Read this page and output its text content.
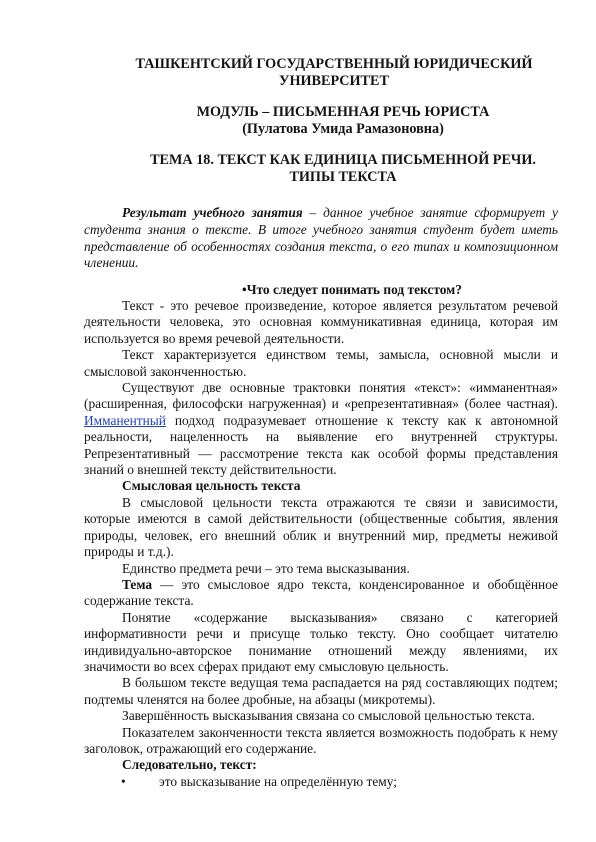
ТАШКЕНТСКИЙ ГОСУДАРСТВЕННЫЙ ЮРИДИЧЕСКИЙ
УНИВЕРСИТЕТ
МОДУЛЬ – ПИСЬМЕННАЯ РЕЧЬ ЮРИСТА
(Пулатова Умида Рамазоновна)
ТЕМА 18. ТЕКСТ КАК ЕДИНИЦА ПИСЬМЕННОЙ РЕЧИ.
ТИПЫ ТЕКСТА

Результат учебного занятия – данное учебное занятие сформирует у студента знания о тексте. В итоге учебного занятия студент будет иметь представление об особенностях создания текста, о его типах и композиционном членении.

•Что следует понимать под текстом?

Текст - это речевое произведение, которое является результатом речевой деятельности человека, это основная коммуникативная единица, которая им используется во время речевой деятельности.

Текст характеризуется единством темы, замысла, основной мысли и смысловой законченностью.

Существуют две основные трактовки понятия «текст»: «имманентная» (расширенная, философски нагруженная) и «репрезентативная» (более частная). Имманентный подход подразумевает отношение к тексту как к автономной реальности, нацеленность на выявление его внутренней структуры. Репрезентативный — рассмотрение текста как особой формы представления знаний о внешней тексту действительности.

Смысловая цельность текста

В смысловой цельности текста отражаются те связи и зависимости, которые имеются в самой действительности (общественные события, явления природы, человек, его внешний облик и внутренний мир, предметы неживой природы и т.д.).

Единство предмета речи – это тема высказывания.

Тема — это смысловое ядро текста, конденсированное и обобщённое содержание текста.

Понятие «содержание высказывания» связано с категорией информативности речи и присуще только тексту. Оно сообщает читателю индивидуально-авторское понимание отношений между явлениями, их значимости во всех сферах придают ему смысловую цельность.

В большом тексте ведущая тема распадается на ряд составляющих подтем; подтемы членятся на более дробные, на абзацы (микротемы).

Завершённость высказывания связана со смысловой цельностью текста.

Показателем законченности текста является возможность подобрать к нему заголовок, отражающий его содержание.

Следовательно, текст:

• это высказывание на определённую тему;
